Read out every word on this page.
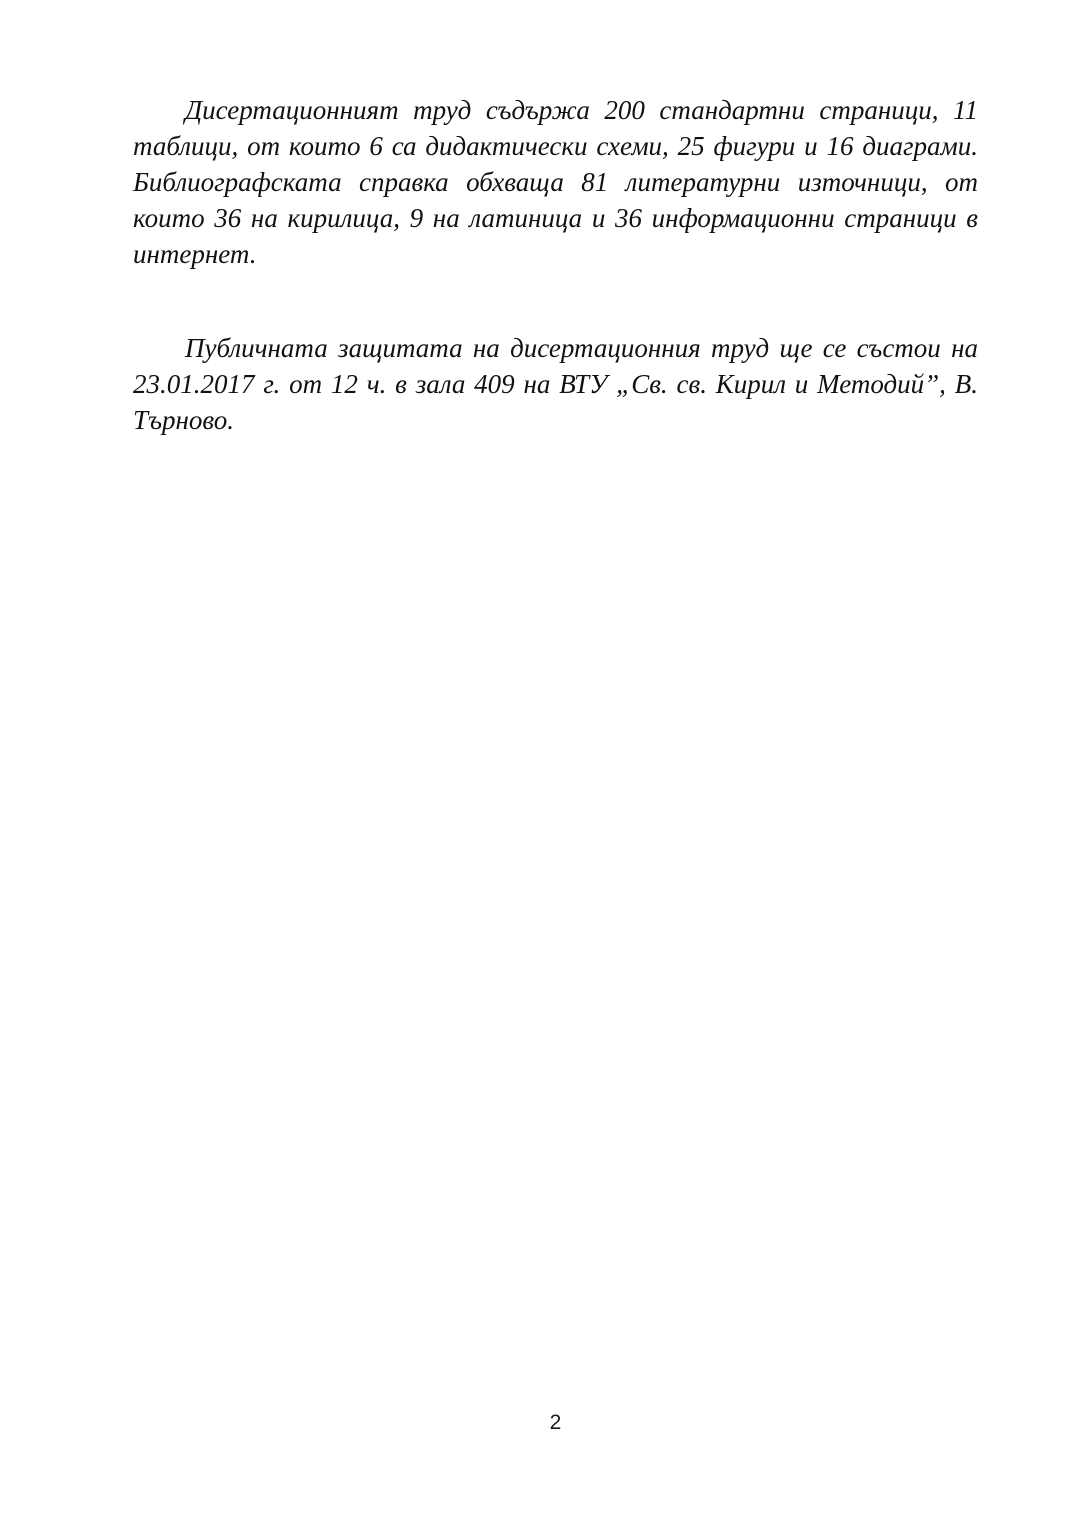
Дисертационният труд съдържа 200 стандартни страници, 11 таблици, от които 6 са дидактически схеми, 25 фигури и 16 диаграми. Библиографската справка обхваща 81 литературни източници, от които 36 на кирилица, 9 на латиница и 36 информационни страници в интернет.

Публичната защитата на дисертационния труд ще се състои на 23.01.2017 г. от 12 ч. в зала 409 на ВТУ „Св. св. Кирил и Методий”, В. Търново.

2
